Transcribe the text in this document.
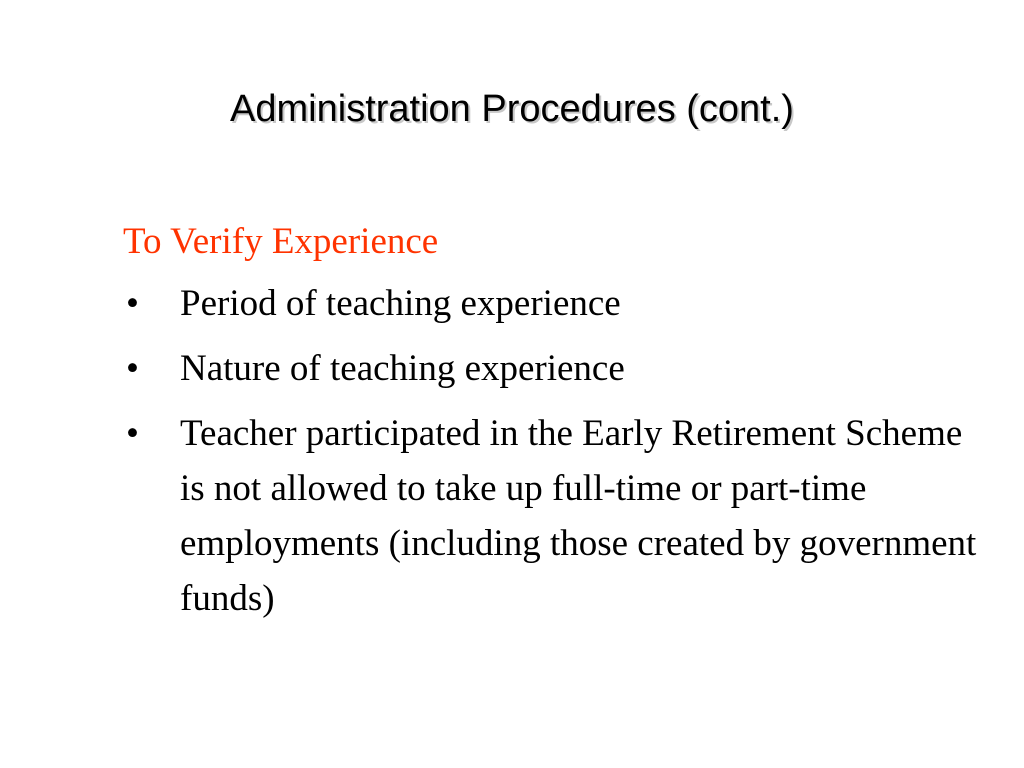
Administration Procedures (cont.)
To Verify Experience
• Period of teaching experience
• Nature of teaching experience
• Teacher participated in the Early Retirement Scheme is not allowed to take up full-time or part-time employments (including those created by government funds)
